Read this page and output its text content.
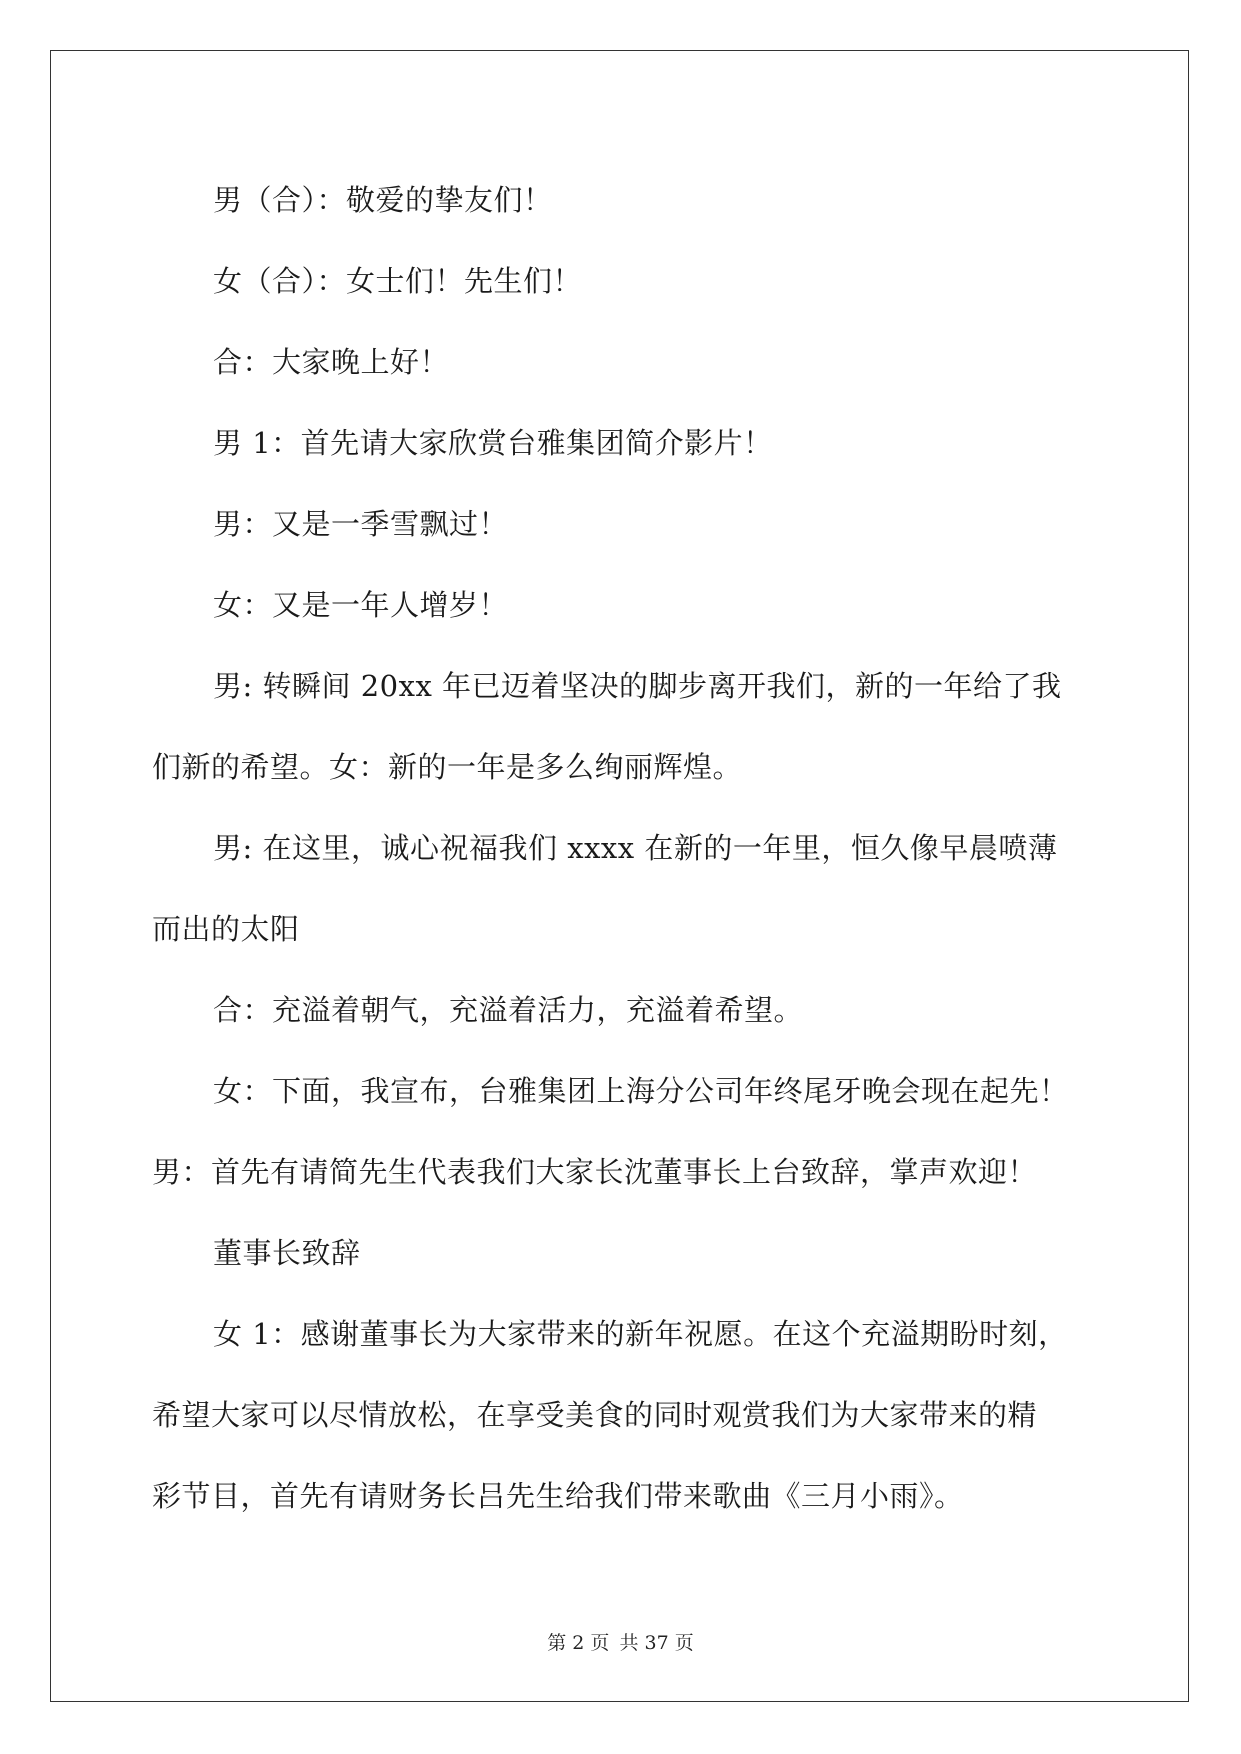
男（合）：敬爱的挚友们！
女（合）：女士们！先生们！
合：大家晚上好！
男 1：首先请大家欣赏台雅集团简介影片！
男：又是一季雪飘过！
女：又是一年人增岁！
男: 转瞬间 20xx 年已迈着坚决的脚步离开我们，新的一年给了我
们新的希望。女：新的一年是多么绚丽辉煌。
男: 在这里，诚心祝福我们 xxxx 在新的一年里，恒久像早晨喷薄
而出的太阳
合：充溢着朝气，充溢着活力，充溢着希望。
女：下面，我宣布，台雅集团上海分公司年终尾牙晚会现在起先！
男：首先有请简先生代表我们大家长沈董事长上台致辞，掌声欢迎！
董事长致辞
女 1：感谢董事长为大家带来的新年祝愿。在这个充溢期盼时刻，
希望大家可以尽情放松，在享受美食的同时观赏我们为大家带来的精
彩节目，首先有请财务长吕先生给我们带来歌曲《三月小雨》。
第 2 页 共 37 页
